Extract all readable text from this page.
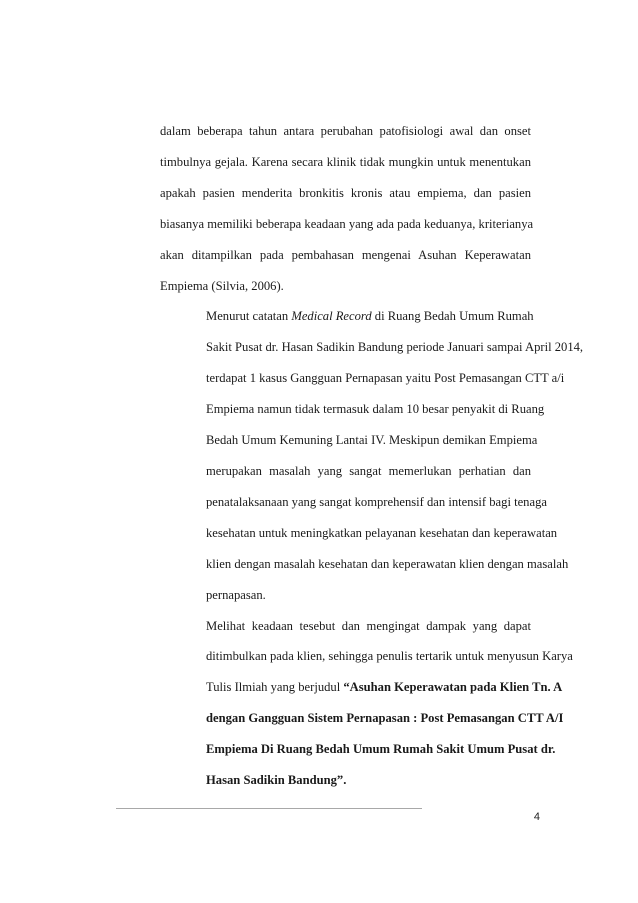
dalam beberapa tahun antara perubahan patofisiologi awal dan onset
timbulnya gejala. Karena secara klinik tidak mungkin untuk menentukan
apakah pasien menderita bronkitis kronis atau empiema, dan pasien
biasanya memiliki beberapa keadaan yang ada pada keduanya, kriterianya
akan ditampilkan pada pembahasan mengenai Asuhan Keperawatan
Empiema (Silvia, 2006).
Menurut catatan Medical Record di Ruang Bedah Umum Rumah
Sakit Pusat dr. Hasan Sadikin Bandung periode Januari sampai April 2014,
terdapat 1 kasus Gangguan Pernapasan yaitu Post Pemasangan CTT a/i
Empiema namun tidak termasuk dalam 10 besar penyakit di Ruang
Bedah Umum Kemuning Lantai IV. Meskipun demikan Empiema
merupakan masalah yang sangat memerlukan perhatian dan
penatalaksanaan yang sangat komprehensif dan intensif bagi tenaga
kesehatan untuk meningkatkan pelayanan kesehatan dan keperawatan
klien dengan masalah kesehatan dan keperawatan klien dengan masalah
pernapasan.
Melihat keadaan tesebut dan mengingat dampak yang dapat
ditimbulkan pada klien, sehingga penulis tertarik untuk menyusun Karya
Tulis Ilmiah yang berjudul “Asuhan Keperawatan pada Klien Tn. A
dengan Gangguan Sistem Pernapasan : Post Pemasangan CTT A/I
Empiema Di Ruang Bedah Umum Rumah Sakit Umum Pusat dr.
Hasan Sadikin Bandung”.
4
